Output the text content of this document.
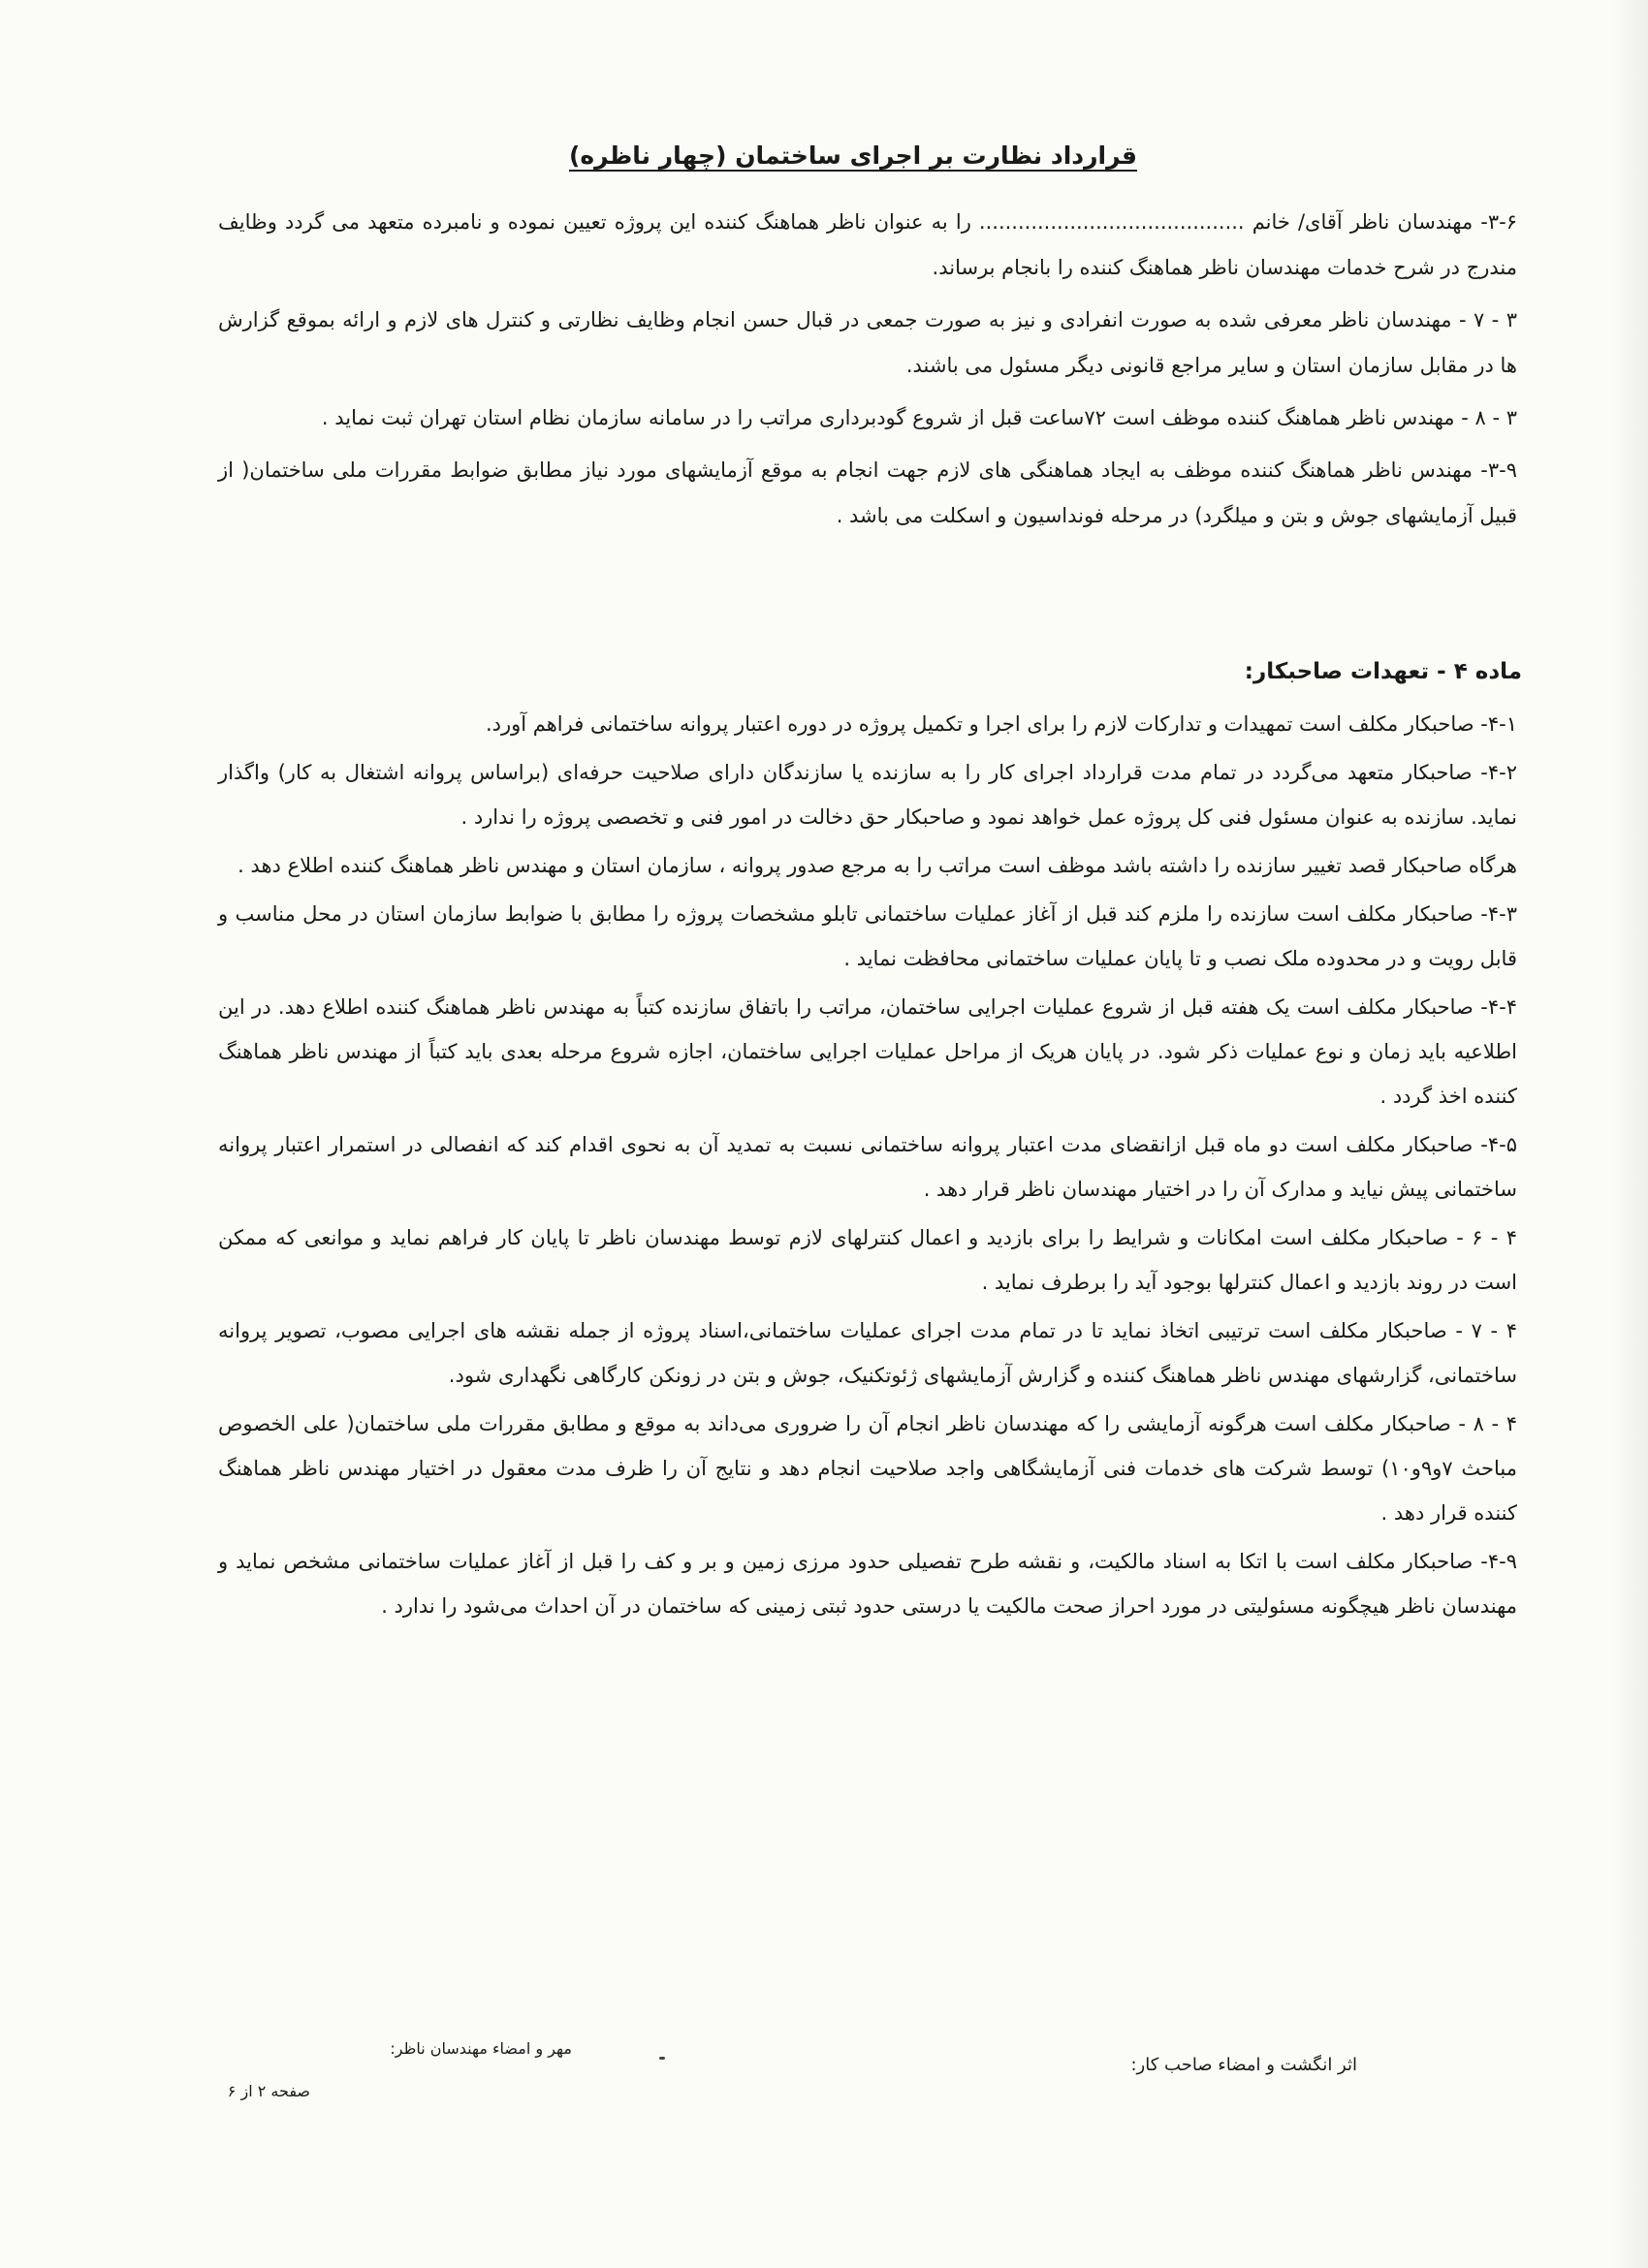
قرارداد نظارت بر اجرای ساختمان (چهار ناظره)

۳-۶- مهندسان ناظر آقای/ خانم ......................................... را به عنوان ناظر هماهنگ کننده این پروژه تعیین نموده و نامبرده متعهد می گردد وظایف مندرج در شرح خدمات مهندسان ناظر هماهنگ کننده را بانجام برساند.

۳ - ۷ - مهندسان ناظر معرفی شده به صورت انفرادی و نیز به صورت جمعی در قبال حسن انجام وظایف نظارتی و کنترل های لازم و ارائه بموقع گزارش ها در مقابل سازمان استان و سایر مراجع قانونی دیگر مسئول می باشند.

۳ - ۸ - مهندس ناظر هماهنگ کننده موظف است ۷۲ساعت قبل از شروع گودبرداری مراتب را در سامانه سازمان نظام استان تهران ثبت نماید .

۳-۹- مهندس ناظر هماهنگ کننده موظف به ایجاد هماهنگی های لازم جهت انجام به موقع آزمایشهای مورد نیاز مطابق ضوابط مقررات ملی ساختمان( از قبیل آزمایشهای جوش و بتن و میلگرد) در مرحله فونداسیون و اسکلت می باشد .

ماده ۴ - تعهدات صاحبکار:

۴-۱- صاحبکار مکلف است تمهیدات و تدارکات لازم را برای اجرا و تکمیل پروژه در دوره اعتبار پروانه ساختمانی فراهم آورد.

۴-۲- صاحبکار متعهد می‌گردد در تمام مدت قرارداد اجرای کار را به سازنده یا سازندگان دارای صلاحیت حرفه‌ای (براساس پروانه اشتغال به کار) واگذار نماید. سازنده به عنوان مسئول فنی کل پروژه عمل خواهد نمود و صاحبکار حق دخالت در امور فنی و تخصصی پروژه را ندارد .

هرگاه صاحبکار قصد تغییر سازنده را داشته باشد موظف است مراتب را به مرجع صدور پروانه ، سازمان استان و مهندس ناظر هماهنگ کننده اطلاع دهد .

۴-۳- صاحبکار مکلف است سازنده را ملزم کند قبل از آغاز عملیات ساختمانی تابلو مشخصات پروژه را مطابق با ضوابط سازمان استان در محل مناسب و قابل رویت و در محدوده ملک نصب و تا پایان عملیات ساختمانی محافظت نماید .

۴-۴- صاحبکار مکلف است یک هفته قبل از شروع عملیات اجرایی ساختمان، مراتب را باتفاق سازنده کتباً به مهندس ناظر هماهنگ کننده اطلاع دهد. در این اطلاعیه باید زمان و نوع عملیات ذکر شود. در پایان هریک از مراحل عملیات اجرایی ساختمان، اجازه شروع مرحله بعدی باید کتباً از مهندس ناظر هماهنگ کننده اخذ گردد .

۴-۵- صاحبکار مکلف است دو ماه قبل ازانقضای مدت اعتبار پروانه ساختمانی نسبت به تمدید آن به نحوی اقدام کند که انفصالی در استمرار اعتبار پروانه ساختمانی پیش نیاید و مدارک آن را در اختیار مهندسان ناظر قرار دهد .

۴ - ۶ - صاحبکار مکلف است امکانات و شرایط را برای بازدید و اعمال کنترلهای لازم توسط مهندسان ناظر تا پایان کار فراهم نماید و موانعی که ممکن است در روند بازدید و اعمال کنترلها بوجود آید را برطرف نماید .

۴ - ۷ - صاحبکار مکلف است ترتیبی اتخاذ نماید تا در تمام مدت اجرای عملیات ساختمانی،اسناد پروژه از جمله نقشه های اجرایی مصوب، تصویر پروانه ساختمانی، گزارشهای مهندس ناظر هماهنگ کننده و گزارش آزمایشهای ژئوتکنیک، جوش و بتن در زونکن کارگاهی نگهداری شود.

۴ - ۸ - صاحبکار مکلف است هرگونه آزمایشی را که مهندسان ناظر انجام آن را ضروری می‌داند به موقع و مطابق مقررات ملی ساختمان( علی الخصوص مباحث ۷و۹و۱۰) توسط شرکت های خدمات فنی آزمایشگاهی واجد صلاحیت انجام دهد و نتایج آن را ظرف مدت معقول در اختیار مهندس ناظر هماهنگ کننده قرار دهد .

۴-۹- صاحبکار مکلف است با اتکا به اسناد مالکیت، و نقشه طرح تفصیلی حدود مرزی زمین و بر و کف را قبل از آغاز عملیات ساختمانی مشخص نماید و مهندسان ناظر هیچگونه مسئولیتی در مورد احراز صحت مالکیت یا درستی حدود ثبتی زمینی که ساختمان در آن احداث می‌شود را ندارد .

اثر انگشت و امضاء صاحب کار:
مهر و امضاء مهندسان ناظر:
صفحه ۲ از ۶
